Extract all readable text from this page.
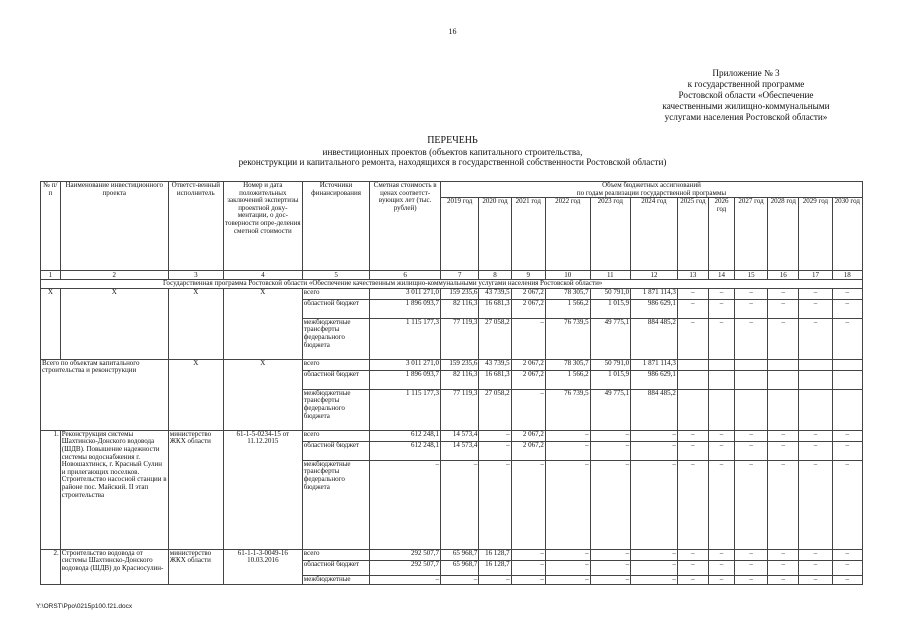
16
Приложение № 3
к государственной программе
Ростовской области «Обеспечение
качественными жилищно-коммунальными
услугами населения Ростовской области»
ПЕРЕЧЕНЬ
инвестиционных проектов (объектов капитального строительства,
реконструкции и капитального ремонта, находящихся в государственной собственности Ростовской области)
№ п/п	Наименование инвестиционного проекта	Ответст-венный исполнитель	Номер и дата положительных заключений экспертизы проектной доку-ментации, о дос-товерности опре-деления сметной стоимости	Источники финансирования	Сметная стоимость в ценах соответст-вующих лет (тыс. рублей)	Объем бюджетных ассигнований
по годам реализации государственной программы											

						2019 год	2020 год	2021 год	2022 год	2023 год	2024 год	2025 год	2026 год	2027 год	2028 год	2029 год	2030 год
1	2	3	4	5	6	7	8	9	10	11	12	13	14	15	16	17	18
Государственная программа Ростовской области «Обеспечение качественным жилищно-коммунальными услугами населения Ростовской области»																	
X	X	X	X	всего	3 011 271,0	159 235,6	43 739,5	2 067,2	78 305,7	50 791,0	1 871 114,3	–	–	–	–	–	–
				областной бюджет	1 896 093,7	82 116,3	16 681,3	2 067,2	1 566,2	1 015,9	986 629,1	–	–	–	–	–	–
				межбюджетные трансферты федерального бюджета	1 115 177,3	77 119,3	27 058,2	–	76 739,5	49 775,1	884 485,2	–	–	–	–	–	–
Всего по объектам капитального строительства и реконструкции		X	X	всего	3 011 271,0	159 235,6	43 739,5	2 067,2	78 305,7	50 791,0	1 871 114,3						
				областной бюджет	1 896 093,7	82 116,3	16 681,3	2 067,2	1 566,2	1 015,9	986 629,1						
				межбюджетные трансферты федерального бюджета	1 115 177,3	77 119,3	27 058,2	–	76 739,5	49 775,1	884 485,2						
1.	Реконструкция системы Шахтинско-Донского водовода (ШДВ). Повышение надежности системы водоснабжения г. Новошахтинск, г. Красный Сулин и прилегающих поселков. Строительство насосной станции в районе пос. Майский. II этап строительства	министерство ЖКХ области	61-1-5-0234-15 от 11.12.2015	всего	612 248,1	14 573,4	–	2 067,2	–	–	–	–	–	–	–	–	–
				областной бюджет	612 248,1	14 573,4	–	2 067,2	–	–	–	–	–	–	–	–	–
				межбюджетные трансферты федерального бюджета	–	–	–	–	–	–	–	–	–	–	–	–	–
2.	Строительство водовода от системы Шахтинско-Донского водовода (ШДВ) до Красносулин-	министерство ЖКХ области	61-1-1-3-0049-16 10.03.2016	всего	292 507,7	65 968,7	16 128,7	–	–	–	–	–	–	–	–	–	–
				областной бюджет	292 507,7	65 968,7	16 128,7	–	–	–	–	–	–	–	–	–	–
				межбюджетные	–	–	–	–	–	–	–	–	–	–	–	–	–
Y:\ORST\Ppo\0215p100.f21.docx
